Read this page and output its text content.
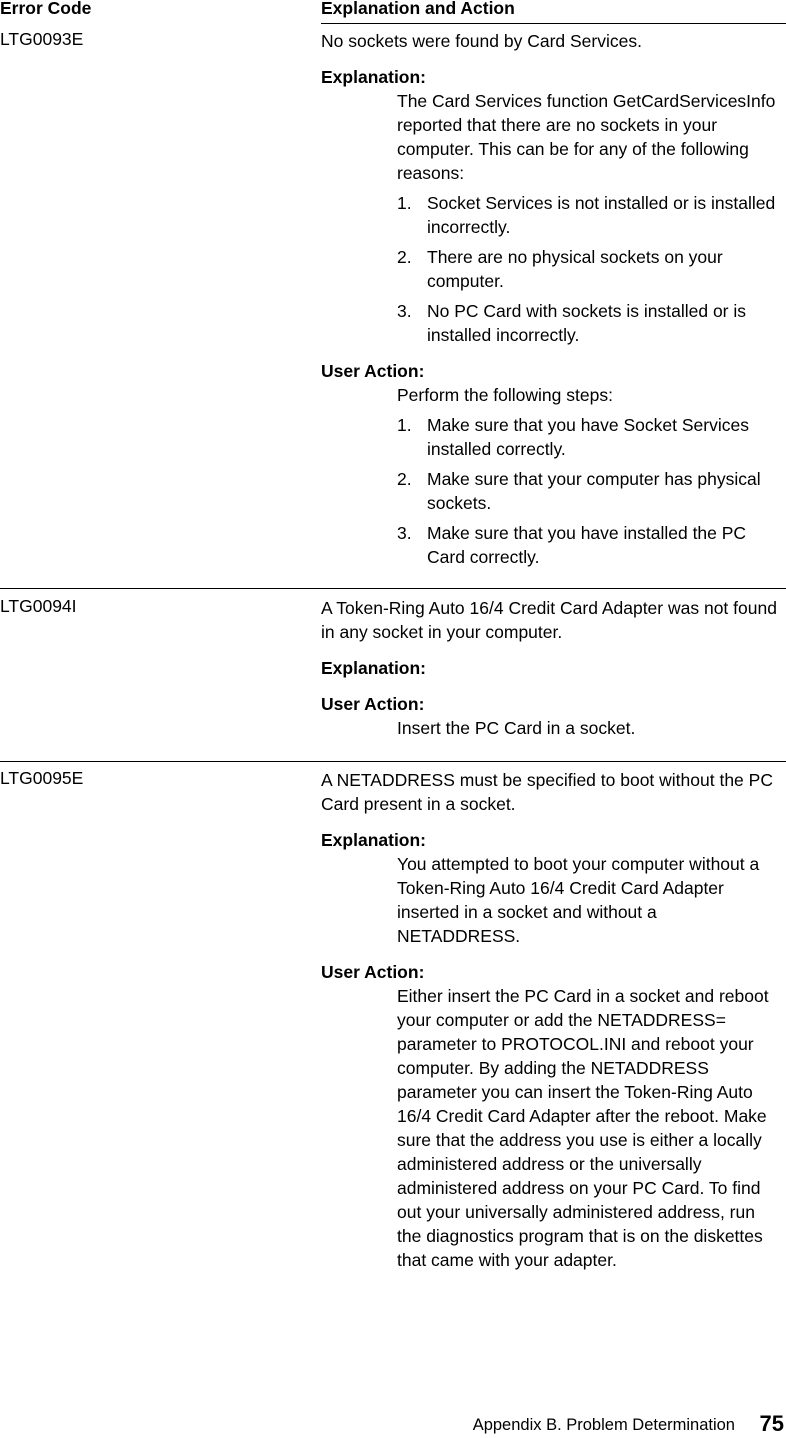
Error Code	Explanation and Action
LTG0093E	No sockets were found by Card Services.

Explanation:

The Card Services function GetCardServicesInfo reported that there are no sockets in your computer. This can be for any of the following reasons:

1. Socket Services is not installed or is installed incorrectly.
2. There are no physical sockets on your computer.
3. No PC Card with sockets is installed or is installed incorrectly.

User Action:

Perform the following steps:

1. Make sure that you have Socket Services installed correctly.
2. Make sure that your computer has physical sockets.
3. Make sure that you have installed the PC Card correctly.
LTG0094I	A Token-Ring Auto 16/4 Credit Card Adapter was not found in any socket in your computer.

Explanation:

User Action:

Insert the PC Card in a socket.

LTG0095E	A NETADDRESS must be specified to boot without the PC Card present in a socket.

Explanation:

You attempted to boot your computer without a Token-Ring Auto 16/4 Credit Card Adapter inserted in a socket and without a NETADDRESS.

User Action:

Either insert the PC Card in a socket and reboot your computer or add the NETADDRESS= parameter to PROTOCOL.INI and reboot your computer. By adding the NETADDRESS parameter you can insert the Token-Ring Auto 16/4 Credit Card Adapter after the reboot. Make sure that the address you use is either a locally administered address or the universally administered address on your PC Card. To find out your universally administered address, run the diagnostics program that is on the diskettes that came with your adapter.

Appendix B. Problem Determination 75
